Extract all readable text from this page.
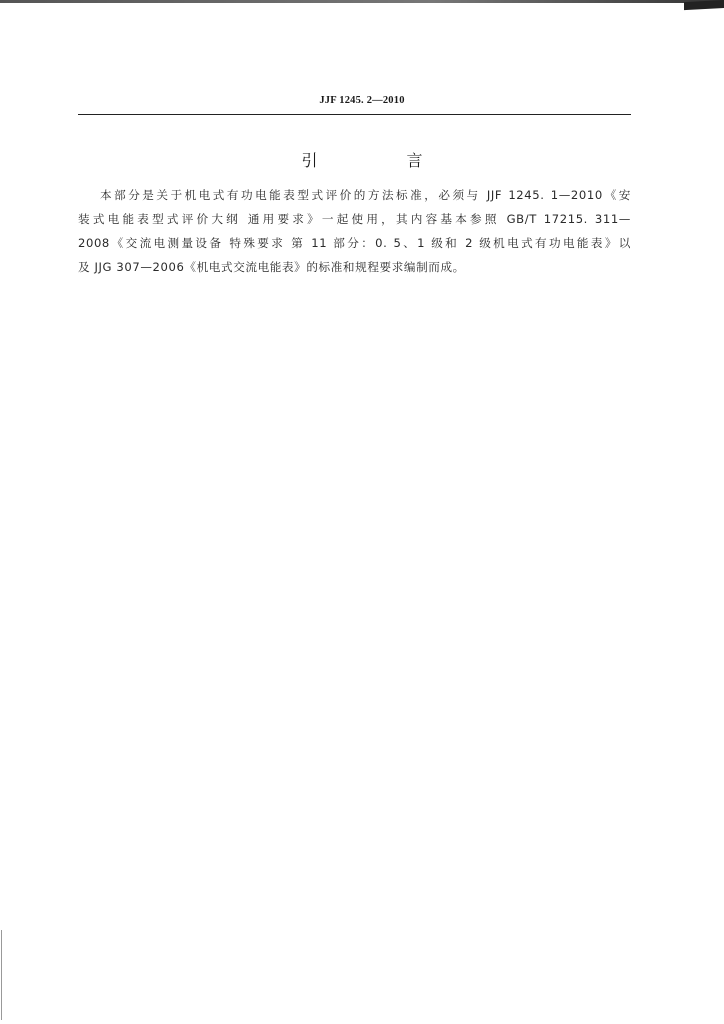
JJF 1245. 2—2010
引 言
本部分是关于机电式有功电能表型式评价的方法标准，必须与 JJF 1245. 1—2010《安
装式电能表型式评价大纲 通用要求》一起使用，其内容基本参照 GB/T 17215. 311—
2008《交流电测量设备 特殊要求 第 11 部分：0. 5、1 级和 2 级机电式有功电能表》以
及 JJG 307—2006《机电式交流电能表》的标准和规程要求编制而成。
